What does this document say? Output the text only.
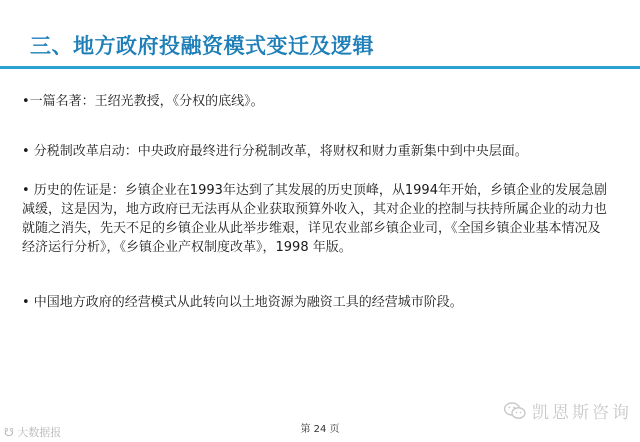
三、地方政府投融资模式变迁及逻辑

•一篇名著：王绍光教授，《分权的底线》。

• 分税制改革启动：中央政府最终进行分税制改革，将财权和财力重新集中到中央层面。

• 历史的佐证是：乡镇企业在1993年达到了其发展的历史顶峰，从1994年开始，乡镇企业的发展急剧减缓，这是因为，地方政府已无法再从企业获取预算外收入，其对企业的控制与扶持所属企业的动力也就随之消失，先天不足的乡镇企业从此举步维艰，详见农业部乡镇企业司，《全国乡镇企业基本情况及经济运行分析》，《乡镇企业产权制度改革》，1998 年版。

• 中国地方政府的经营模式从此转向以土地资源为融资工具的经营城市阶段。

凯恩斯咨询
第 24 页
☋ 大数据报
